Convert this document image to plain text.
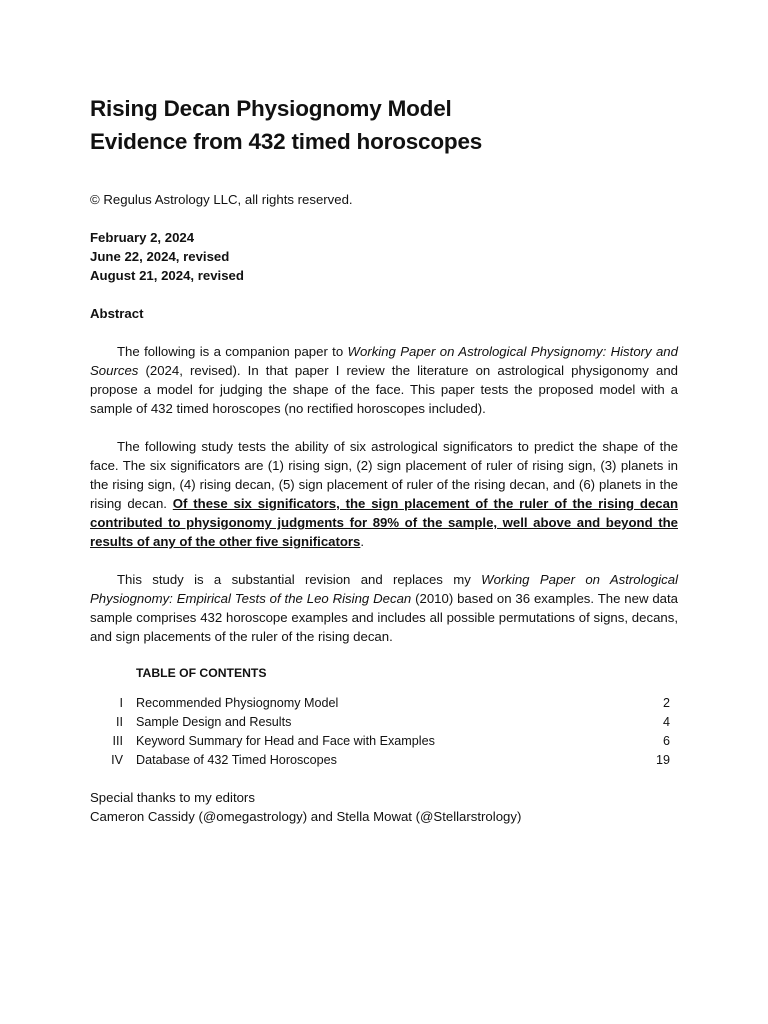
Rising Decan Physiognomy Model
Evidence from 432 timed horoscopes
© Regulus Astrology LLC, all rights reserved.
February 2, 2024
June 22, 2024, revised
August 21, 2024, revised
Abstract

The following is a companion paper to Working Paper on Astrological Physignomy: History and Sources (2024, revised). In that paper I review the literature on astrological physigonomy and propose a model for judging the shape of the face. This paper tests the proposed model with a sample of 432 timed horoscopes (no rectified horoscopes included).

The following study tests the ability of six astrological significators to predict the shape of the face. The six significators are (1) rising sign, (2) sign placement of ruler of rising sign, (3) planets in the rising sign, (4) rising decan, (5) sign placement of ruler of the rising decan, and (6) planets in the rising decan. Of these six significators, the sign placement of the ruler of the rising decan contributed to physigonomy judgments for 89% of the sample, well above and beyond the results of any of the other five significators.

This study is a substantial revision and replaces my Working Paper on Astrological Physiognomy: Empirical Tests of the Leo Rising Decan (2010) based on 36 examples. The new data sample comprises 432 horoscope examples and includes all possible permutations of signs, decans, and sign placements of the ruler of the rising decan.

TABLE OF CONTENTS
I Recommended Physiognomy Model	2
II Sample Design and Results	4
III Keyword Summary for Head and Face with Examples	6
IV Database of 432 Timed Horoscopes	19
Special thanks to my editors
Cameron Cassidy (@omegastrology) and Stella Mowat (@Stellarstrology)
